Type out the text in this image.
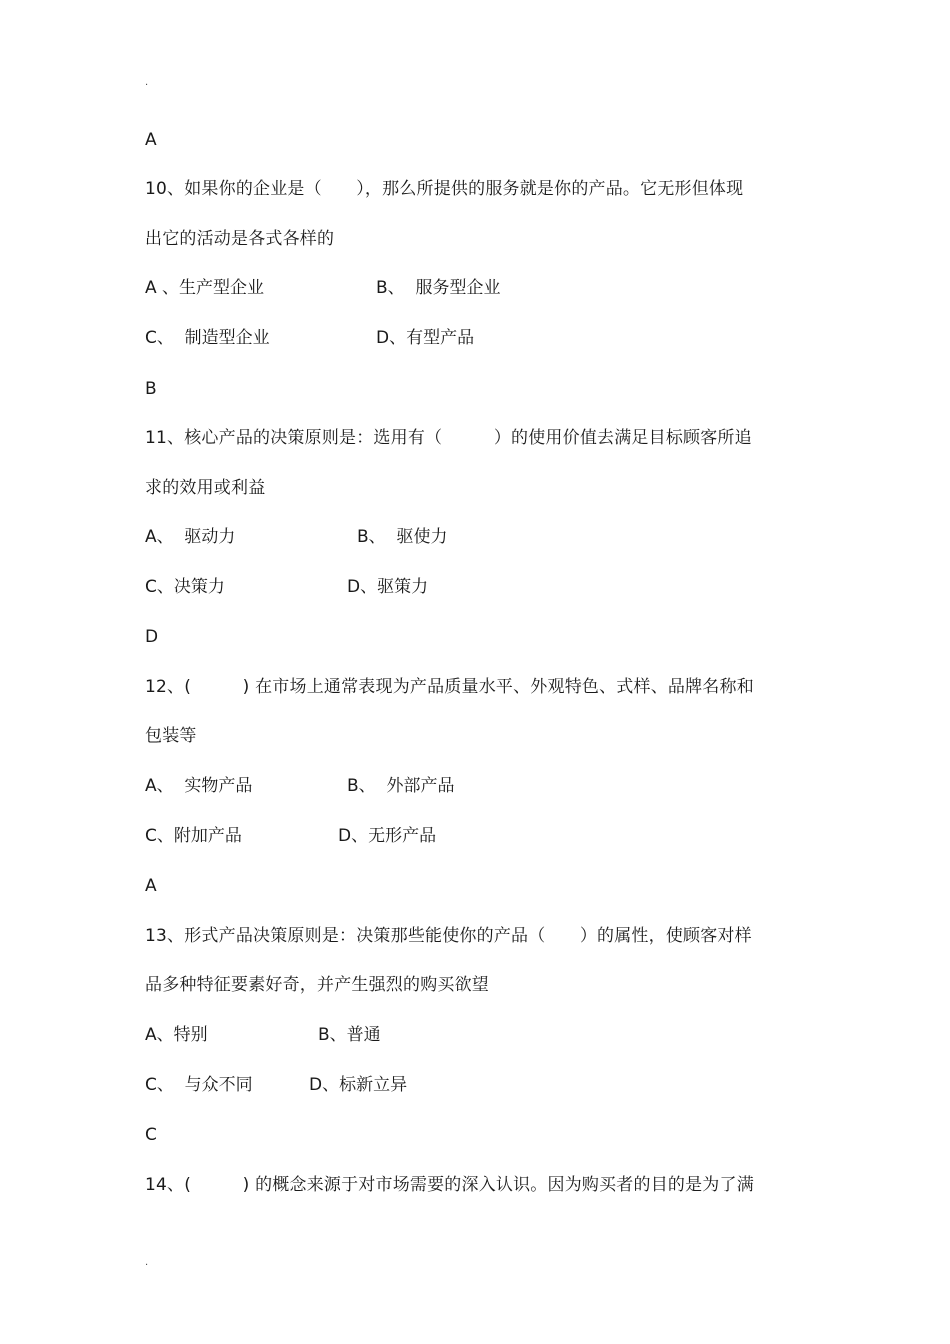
.
A
10、如果你的企业是（　　），那么所提供的服务就是你的产品。它无形但体现
出它的活动是各式各样的
A 、生产型企业	B、  服务型企业
C、  制造型企业	D、有型产品
B
11、核心产品的决策原则是：选用有（　　　）的使用价值去满足目标顾客所追
求的效用或利益
A、  驱动力	B、  驱使力
C、决策力	D、驱策力
D
12、(　　　) 在市场上通常表现为产品质量水平、外观特色、式样、品牌名称和
包装等
A、  实物产品	B、  外部产品
C、附加产品	D、无形产品
A
13、形式产品决策原则是：决策那些能使你的产品（　　）的属性，使顾客对样
品多种特征要素好奇，并产生强烈的购买欲望
A、特别	B、普通
C、  与众不同	D、标新立异
C
14、(　　　) 的概念来源于对市场需要的深入认识。因为购买者的目的是为了满
.
